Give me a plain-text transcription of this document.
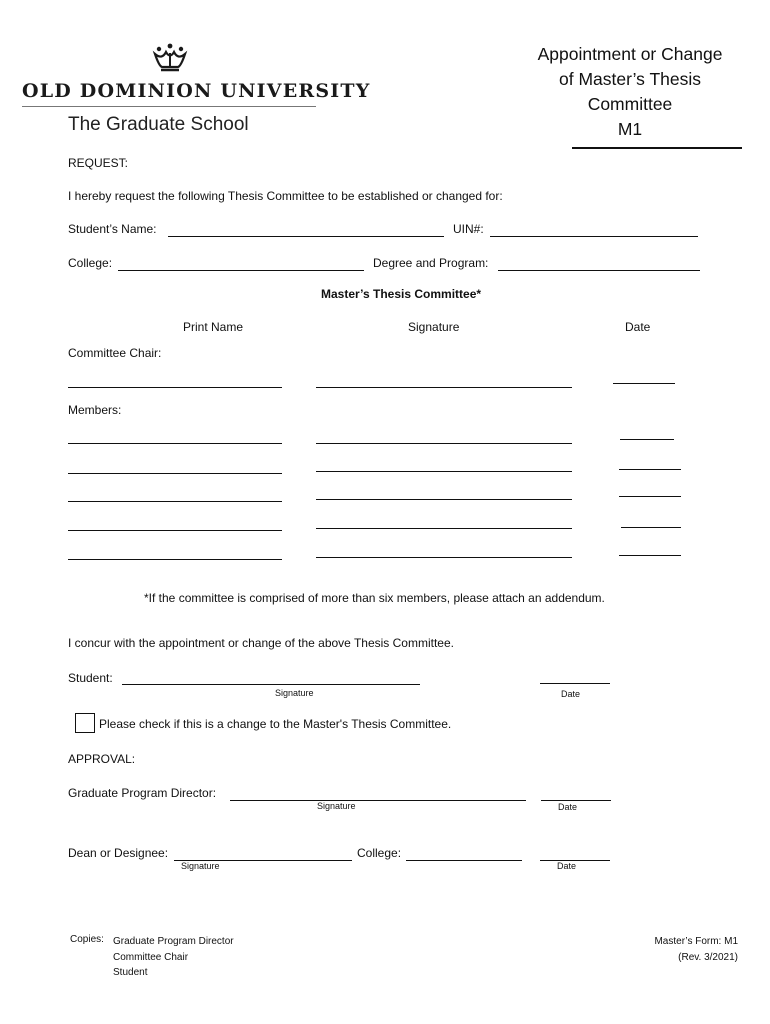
OLD DOMINION UNIVERSITY
The Graduate School
Appointment or Change
of Master’s Thesis
Committee
M1
REQUEST:
I hereby request the following Thesis Committee to be established or changed for:
Student’s Name:	UIN#:
College:	Degree and Program:
Master’s Thesis Committee*
Print Name	Signature	Date
Committee Chair:
Members:
*If the committee is comprised of more than six members, please attach an addendum.
I concur with the appointment or change of the above Thesis Committee.
Student:
Signature	Date
Please check if this is a change to the Master's Thesis Committee.
APPROVAL:
Graduate Program Director:
Signature	Date
Dean or Designee:
Signature
College:
Date
Copies: Graduate Program Director
Committee Chair
Student
Master’s Form: M1
(Rev. 3/2021)
